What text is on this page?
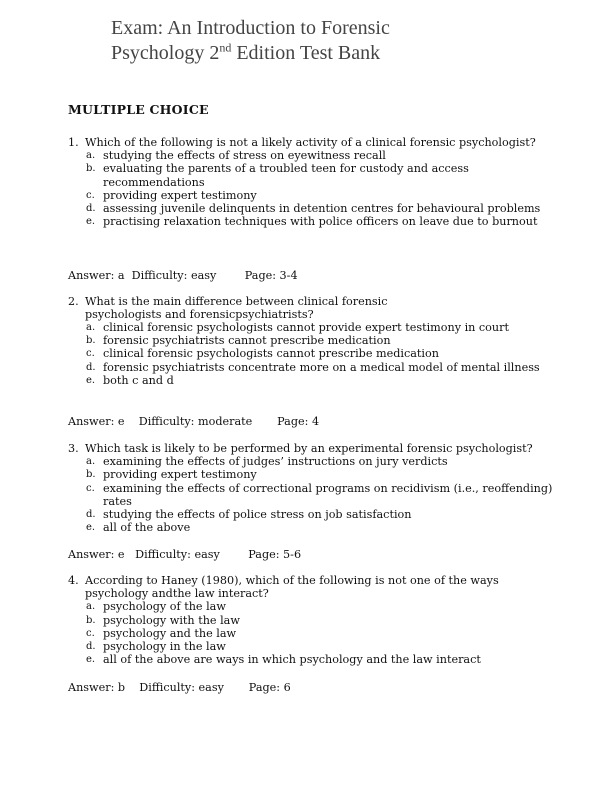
Exam: An Introduction to Forensic
Psychology 2nd Edition Test Bank
MULTIPLE CHOICE
1. Which of the following is not a likely activity of a clinical forensic psychologist?
a. studying the effects of stress on eyewitness recall
b. evaluating the parents of a troubled teen for custody and access recommendations
c. providing expert testimony
d. assessing juvenile delinquents in detention centres for behavioural problems
e. practising relaxation techniques with police officers on leave due to burnout
Answer: a  Difficulty: easy        Page: 3-4
2. What is the main difference between clinical forensic psychologists and forensicpsychiatrists?
a. clinical forensic psychologists cannot provide expert testimony in court
b. forensic psychiatrists cannot prescribe medication
c. clinical forensic psychologists cannot prescribe medication
d. forensic psychiatrists concentrate more on a medical model of mental illness
e. both c and d
Answer: e    Difficulty: moderate       Page: 4
3. Which task is likely to be performed by an experimental forensic psychologist?
a. examining the effects of judges’ instructions on jury verdicts
b. providing expert testimony
c. examining the effects of correctional programs on recidivism (i.e., reoffending) rates
d. studying the effects of police stress on job satisfaction
e. all of the above
Answer: e   Difficulty: easy        Page: 5-6
4. According to Haney (1980), which of the following is not one of the ways psychology andthe law interact?
a. psychology of the law
b. psychology with the law
c. psychology and the law
d. psychology in the law
e. all of the above are ways in which psychology and the law interact
Answer: b    Difficulty: easy       Page: 6
